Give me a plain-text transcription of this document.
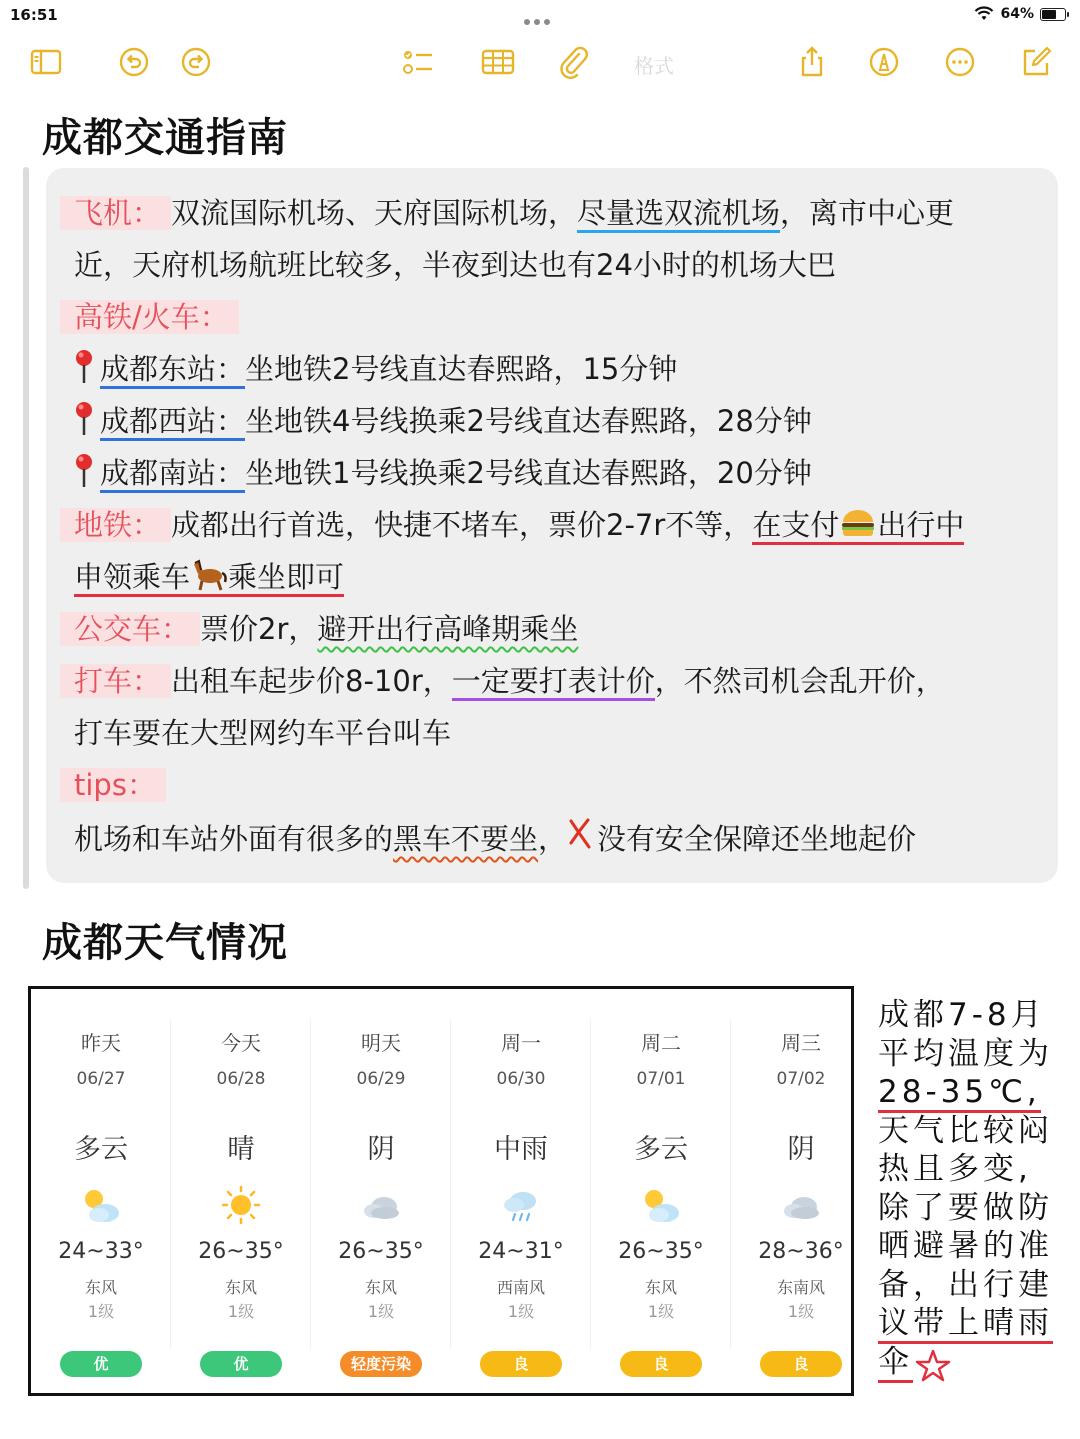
16:51	64%
格式
成都交通指南
飞机： 双流国际机场、天府国际机场，尽量选双流机场，离市中心更
近，天府机场航班比较多，半夜到达也有24小时的机场大巴
高铁/火车：
成都东站：坐地铁2号线直达春熙路，15分钟
成都西站：坐地铁4号线换乘2号线直达春熙路，28分钟
成都南站：坐地铁1号线换乘2号线直达春熙路，20分钟
地铁： 成都出行首选，快捷不堵车，票价2-7r不等，在支付 出行中
申领乘车 乘坐即可
公交车： 票价2r，避开出行高峰期乘坐
打车： 出租车起步价8-10r，一定要打表计价，不然司机会乱开价，
打车要在大型网约车平台叫车
tips：
机场和车站外面有很多的黑车不要坐， 没有安全保障还坐地起价
成都天气情况
昨天
06/27
多云
24~33°
东风
1级
优
今天
06/28
晴
26~35°
东风
1级
优
明天
06/29
阴
26~35°
东风
1级
轻度污染
周一
06/30
中雨
24~31°
西南风
1级
良
周二
07/01
多云
26~35°
东风
1级
良
周三
07/02
阴
28~36°
东南风
1级
良
成都7-8月
平均温度为
28-35℃,
天气比较闷
热且多变,
除了要做防
晒避暑的准
备，出行建
议带上晴雨
伞
